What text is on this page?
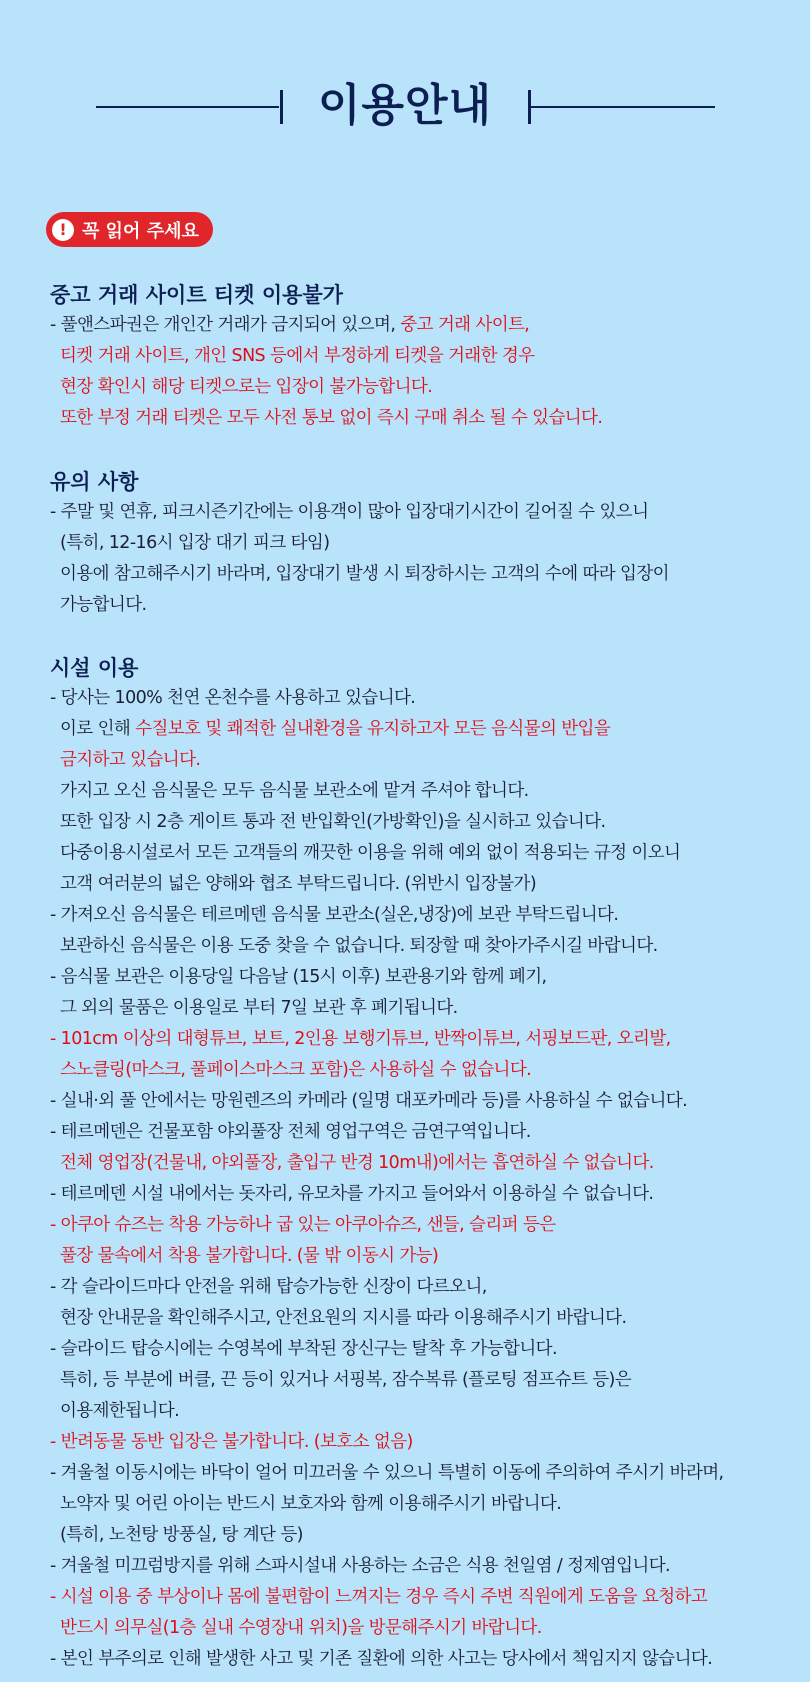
이용안내
! 꼭 읽어 주세요
중고 거래 사이트 티켓 이용불가
- 풀앤스파권은 개인간 거래가 금지되어 있으며, 중고 거래 사이트,
티켓 거래 사이트, 개인 SNS 등에서 부정하게 티켓을 거래한 경우
현장 확인시 해당 티켓으로는 입장이 불가능합니다.
또한 부정 거래 티켓은 모두 사전 통보 없이 즉시 구매 취소 될 수 있습니다.
유의 사항
- 주말 및 연휴, 피크시즌기간에는 이용객이 많아 입장대기시간이 길어질 수 있으니
(특히, 12-16시 입장 대기 피크 타임)
이용에 참고해주시기 바라며, 입장대기 발생 시 퇴장하시는 고객의 수에 따라 입장이
가능합니다.
시설 이용
- 당사는 100% 천연 온천수를 사용하고 있습니다.
이로 인해 수질보호 및 쾌적한 실내환경을 유지하고자 모든 음식물의 반입을
금지하고 있습니다.
가지고 오신 음식물은 모두 음식물 보관소에 맡겨 주셔야 합니다.
또한 입장 시 2층 게이트 통과 전 반입확인(가방확인)을 실시하고 있습니다.
다중이용시설로서 모든 고객들의 깨끗한 이용을 위해 예외 없이 적용되는 규정 이오니
고객 여러분의 넓은 양해와 협조 부탁드립니다. (위반시 입장불가)
- 가져오신 음식물은 테르메덴 음식물 보관소(실온,냉장)에 보관 부탁드립니다.
보관하신 음식물은 이용 도중 찾을 수 없습니다. 퇴장할 때 찾아가주시길 바랍니다.
- 음식물 보관은 이용당일 다음날 (15시 이후) 보관용기와 함께 폐기,
그 외의 물품은 이용일로 부터 7일 보관 후 폐기됩니다.
- 101cm 이상의 대형튜브, 보트, 2인용 보행기튜브, 반짝이튜브, 서핑보드판, 오리발,
스노클링(마스크, 풀페이스마스크 포함)은 사용하실 수 없습니다.
- 실내·외 풀 안에서는 망원렌즈의 카메라 (일명 대포카메라 등)를 사용하실 수 없습니다.
- 테르메덴은 건물포함 야외풀장 전체 영업구역은 금연구역입니다.
전체 영업장(건물내, 야외풀장, 출입구 반경 10m내)에서는 흡연하실 수 없습니다.
- 테르메덴 시설 내에서는 돗자리, 유모차를 가지고 들어와서 이용하실 수 없습니다.
- 아쿠아 슈즈는 착용 가능하나 굽 있는 아쿠아슈즈, 샌들, 슬리퍼 등은
풀장 물속에서 착용 불가합니다. (물 밖 이동시 가능)
- 각 슬라이드마다 안전을 위해 탑승가능한 신장이 다르오니,
현장 안내문을 확인해주시고, 안전요원의 지시를 따라 이용해주시기 바랍니다.
- 슬라이드 탑승시에는 수영복에 부착된 장신구는 탈착 후 가능합니다.
특히, 등 부분에 버클, 끈 등이 있거나 서핑복, 잠수복류 (플로팅 점프슈트 등)은
이용제한됩니다.
- 반려동물 동반 입장은 불가합니다. (보호소 없음)
- 겨울철 이동시에는 바닥이 얼어 미끄러울 수 있으니 특별히 이동에 주의하여 주시기 바라며,
노약자 및 어린 아이는 반드시 보호자와 함께 이용해주시기 바랍니다.
(특히, 노천탕 방풍실, 탕 계단 등)
- 겨울철 미끄럼방지를 위해 스파시설내 사용하는 소금은 식용 천일염 / 정제염입니다.
- 시설 이용 중 부상이나 몸에 불편함이 느껴지는 경우 즉시 주변 직원에게 도움을 요청하고
반드시 의무실(1층 실내 수영장내 위치)을 방문해주시기 바랍니다.
- 본인 부주의로 인해 발생한 사고 및 기존 질환에 의한 사고는 당사에서 책임지지 않습니다.
